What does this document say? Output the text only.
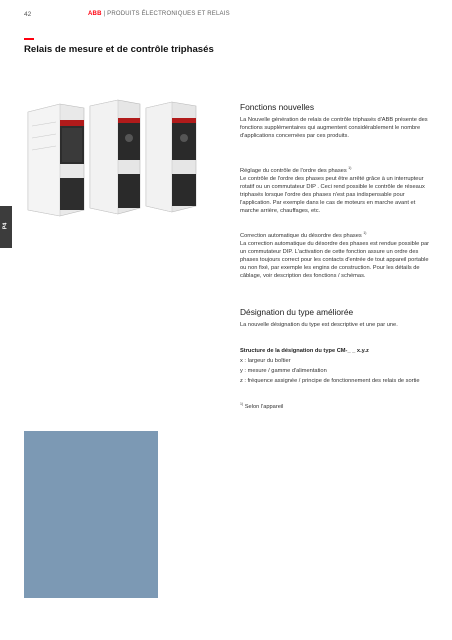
42	ABB | PRODUITS ÉLECTRONIQUES ET RELAIS
Relais de mesure et de contrôle triphasés
P4
Fonctions nouvelles
La Nouvelle génération de relais de contrôle triphasés d'ABB présente des fonctions supplémentaires qui augmentent considérablement le nombre d'applications concernées par ces produits.
Réglage du contrôle de l'ordre des phases $^{1)}$
Le contrôle de l'ordre des phases peut être arrêté grâce à un interrupteur rotatif ou un commutateur DIP . Ceci rend possible le contrôle de réseaux triphasés lorsque l'ordre des phases n'est pas indispensable pour l'application. Par exemple dans le cas de moteurs en marche avant et marche arrière, chauffages, etc.
Correction automatique du désordre des phases $^{1)}$
La correction automatique du désordre des phases est rendue possible par un commutateur DIP. L'activation de cette fonction assure un ordre des phases toujours correct pour les contacts d'entrée de tout appareil portable ou non fixé, par exemple les engins de construction. Pour les détails de câblage, voir description des fonctions / schémas.
Désignation du type améliorée
La nouvelle désignation du type est descriptive et une par une.
Structure de la désignation du type CM-_ _ x.y.z
x : largeur du boîtier
y : mesure / gamme d'alimentation
z : fréquence assignée / principe de fonctionnement des relais de sortie
$^{1)}$ Selon l'appareil
